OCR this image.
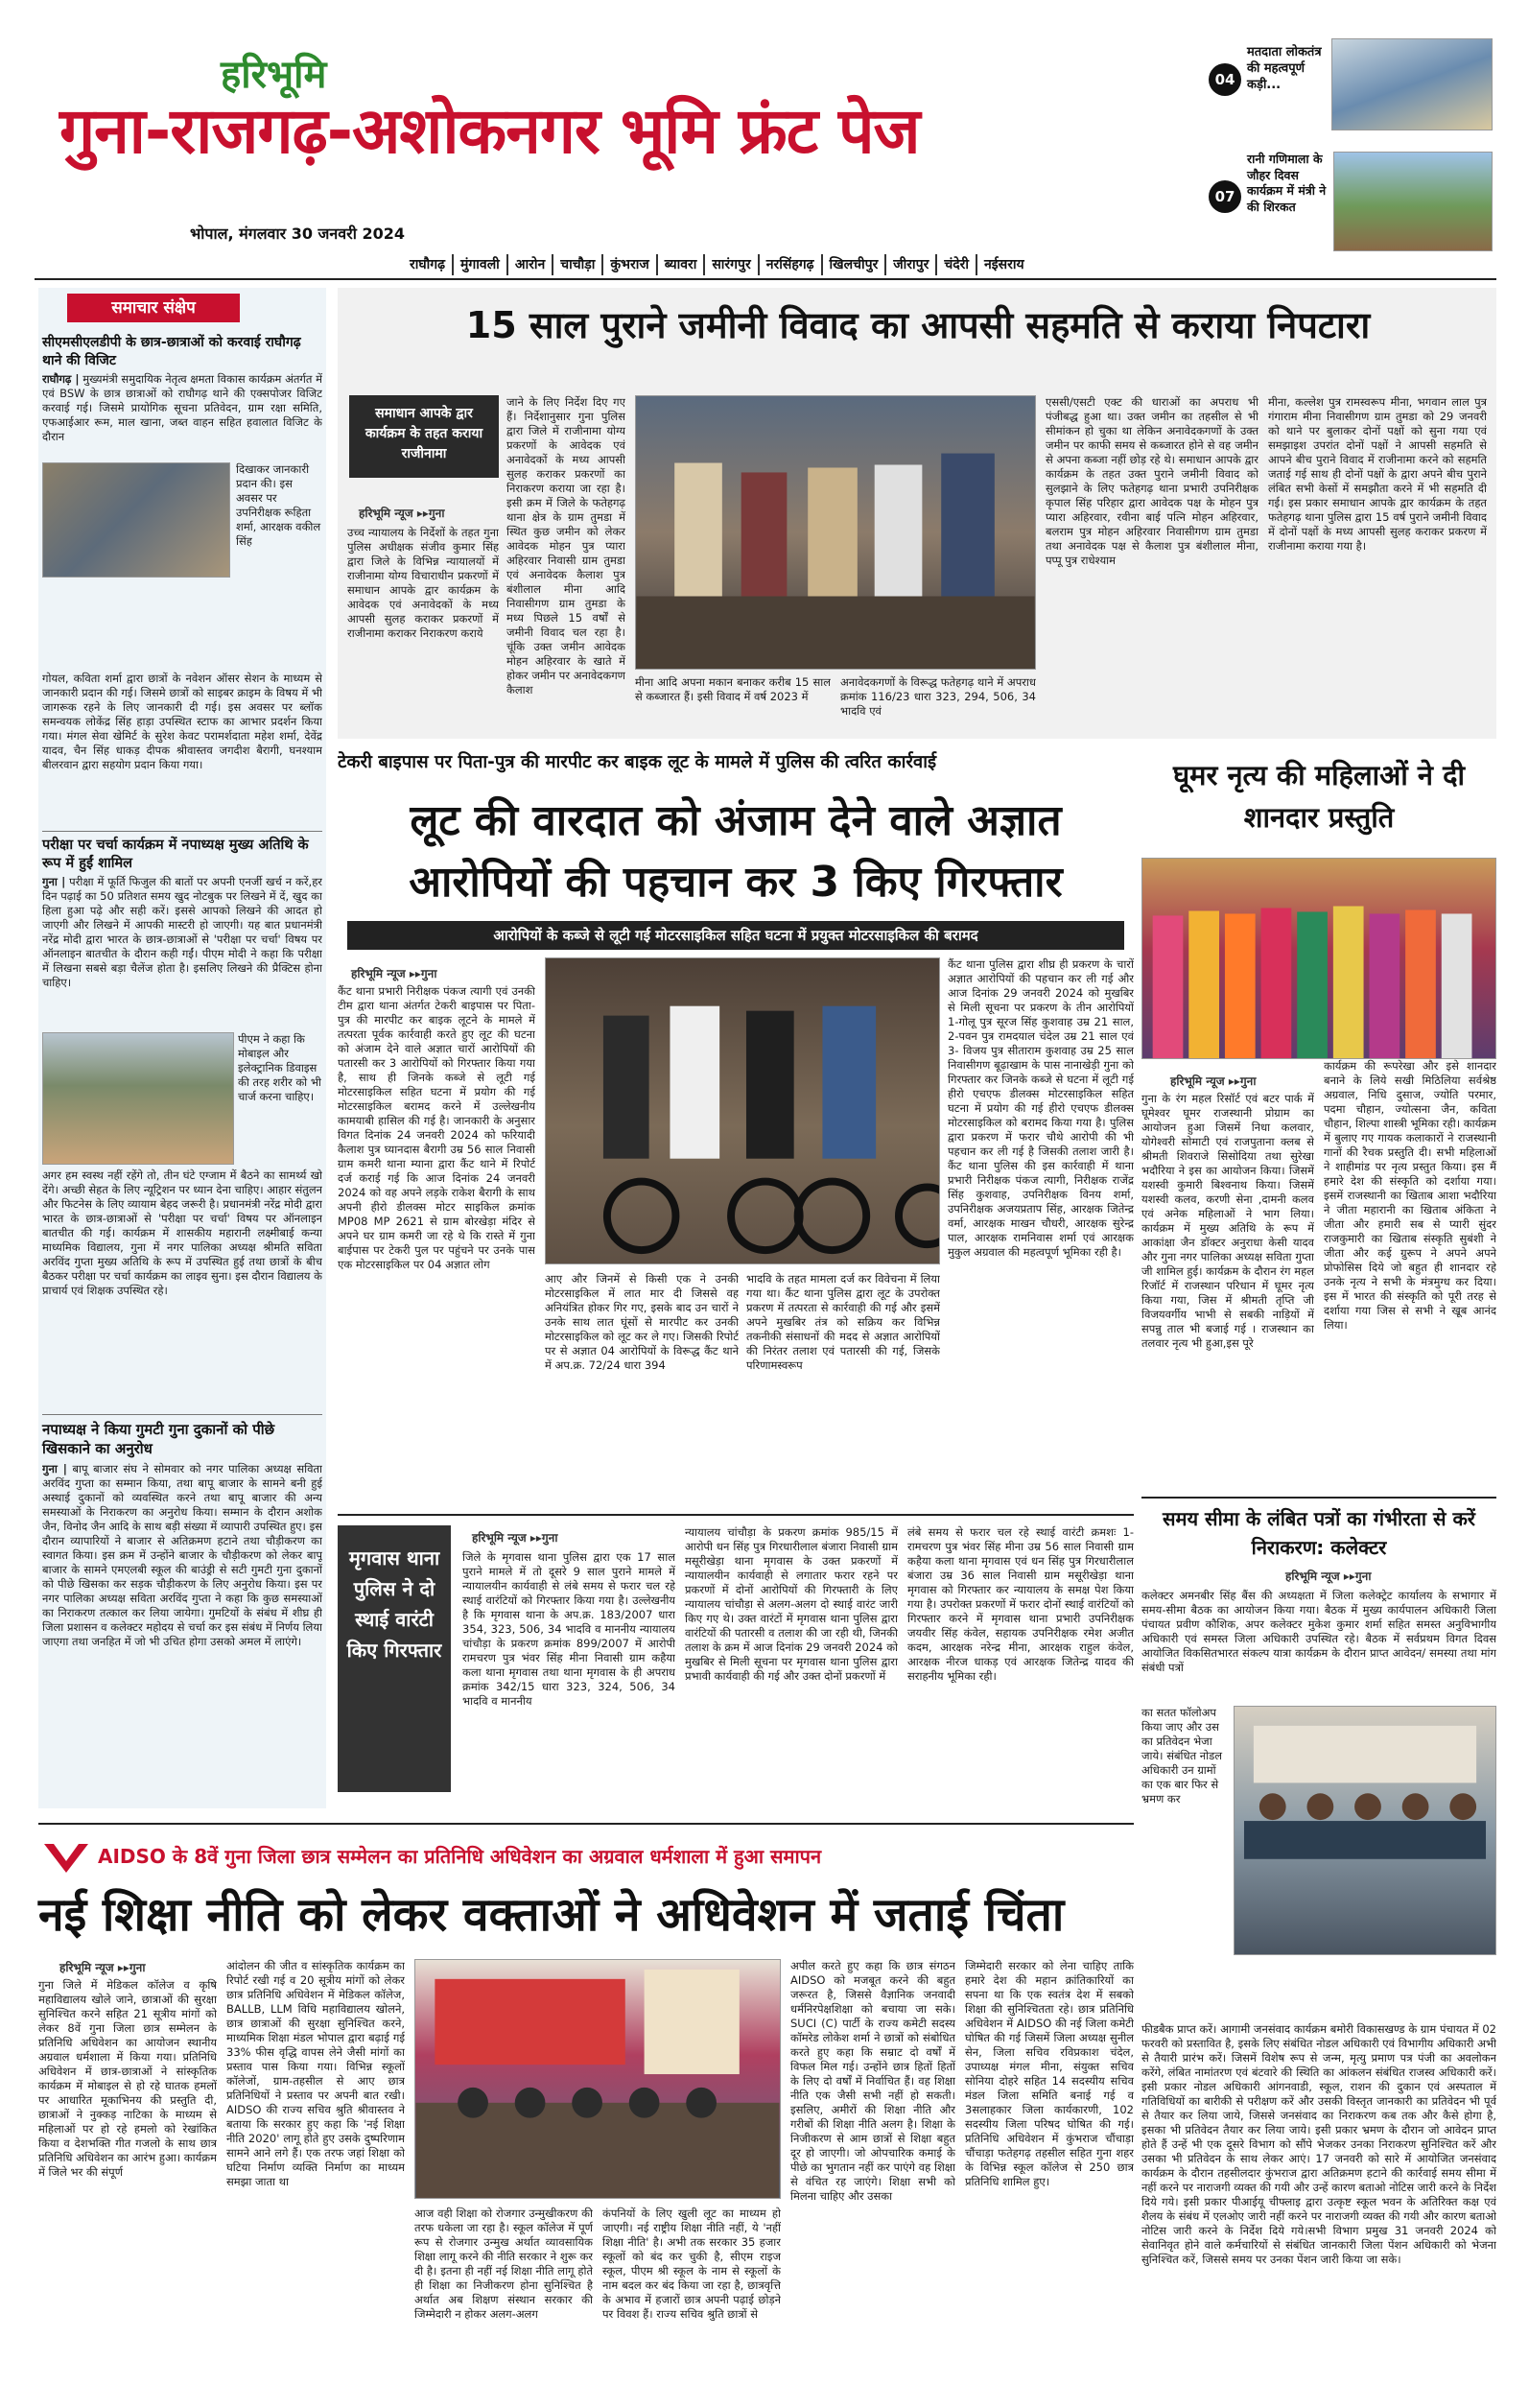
हरिभूमि
गुना-राजगढ़-अशोकनगर भूमि फ्रंट पेज
भोपाल, मंगलवार 30 जनवरी 2024
04
मतदाता लोकतंत्र की महत्वपूर्ण कड़ी...
07
रानी गणिमाला के जौहर दिवस कार्यक्रम में मंत्री ने की शिरकत
राघौगढ़ मुंगावली आरोन चाचौड़ा कुंभराज ब्यावरा सारंगपुर नरसिंहगढ़ खिलचीपुर जीरापुर चंदेरी नईसराय
समाचार संक्षेप
सीएमसीएलडीपी के छात्र-छात्राओं को करवाई राघौगढ़ थाने की विजिट
राघौगढ़ | मुख्यमंत्री समुदायिक नेतृत्व क्षमता विकास कार्यक्रम अंतर्गत में एवं BSW के छात्र छात्राओं को राघौगढ़ थाने की एक्सपोजर विजिट करवाई गई। जिसमे प्रायोगिक सूचना प्रतिवेदन, ग्राम रक्षा समिति, एफआईआर रूम, माल खाना, जब्त वाहन सहित हवालात विजिट के दौरान
दिखाकर जानकारी प्रदान की। इस अवसर पर उपनिरीक्षक रूहिता शर्मा, आरक्षक वकील सिंह
गोयल, कविता शर्मा द्वारा छात्रों के नवेशन ऑसर सेशन के माध्यम से जानकारी प्रदान की गई। जिसमे छात्रों को साइबर क्राइम के विषय में भी जागरूक रहने के लिए जानकारी दी गई। इस अवसर पर ब्लॉक समन्वयक लोकेंद्र सिंह हाड़ा उपस्थित स्टाफ का आभार प्रदर्शन किया गया। मंगल सेवा खेमिर्ट के सुरेश केवट परामर्शदाता महेश शर्मा, देवेंद्र यादव, चैन सिंह धाकड़ दीपक श्रीवास्तव जगदीश बैरागी, घनश्याम बीलरवान द्वारा सहयोग प्रदान किया गया।
परीक्षा पर चर्चा कार्यक्रम में नपाध्यक्ष मुख्य अतिथि के रूप में हुईं शामिल
गुना | परीक्षा में फूर्ति फिजुल की बातों पर अपनी एनर्जी खर्च न करें,हर दिन पढ़ाई का 50 प्रतिशत समय खुद नोटबुक पर लिखने में दें, खुद का हिला हुआ पढ़े और सही करें। इससे आपको लिखने की आदत हो जाएगी और लिखने में आपकी मास्टरी हो जाएगी। यह बात प्रधानमंत्री नरेंद्र मोदी द्वारा भारत के छात्र-छात्राओं से 'परीक्षा पर चर्चा' विषय पर ऑनलाइन बातचीत के दौरान कही गईं। पीएम मोदी ने कहा कि परीक्षा में लिखना सबसे बड़ा चैलेंज होता है। इसलिए लिखने की प्रैक्टिस होना चाहिए।
पीएम ने कहा कि मोबाइल और इलेक्ट्रानिक डिवाइस की तरह शरीर को भी चार्ज करना चाहिए।
अगर हम स्वस्थ नहीं रहेंगे तो, तीन घंटे एग्जाम में बैठने का सामर्थ्य खो देंगे। अच्छी सेहत के लिए न्यूट्रिशन पर ध्यान देना चाहिए। आहार संतुलन और फिटनेस के लिए व्यायाम बेहद जरूरी है। प्रधानमंत्री नरेंद्र मोदी द्वारा भारत के छात्र-छात्राओं से 'परीक्षा पर चर्चा' विषय पर ऑनलाइन बातचीत की गई। कार्यक्रम में शासकीय महारानी लक्ष्मीबाई कन्या माध्यमिक विद्यालय, गुना में नगर पालिका अध्यक्ष श्रीमति सविता अरविंद गुप्ता मुख्य अतिथि के रूप में उपस्थित हुई तथा छात्रों के बीच बैठकर परीक्षा पर चर्चा कार्यक्रम का लाइव सुना। इस दौरान विद्यालय के प्राचार्य एवं शिक्षक उपस्थित रहे।
नपाध्यक्ष ने किया गुमटी गुना दुकानों को पीछे खिसकाने का अनुरोध
गुना | बापू बाजार संघ ने सोमवार को नगर पालिका अध्यक्ष सविता अरविंद गुप्ता का सम्मान किया, तथा बापू बाजार के सामने बनी हुई अस्थाई दुकानों को व्यवस्थित करने तथा बापू बाजार की अन्य समस्याओं के निराकरण का अनुरोध किया। सम्मान के दौरान अशोक जैन, विनोद जैन आदि के साथ बड़ी संख्या में व्यापारी उपस्थित हुए। इस दौरान व्यापारियों ने बाजार से अतिक्रमण हटाने तथा चौड़ीकरण का स्वागत किया। इस क्रम में उन्होंने बाजार के चौड़ीकरण को लेकर बापू बाजार के सामने एमएलबी स्कूल की बाउंड्री से सटी गुमटी गुना दुकानों को पीछे खिसका कर सड़क चौड़ीकरण के लिए अनुरोध किया। इस पर नगर पालिका अध्यक्ष सविता अरविंद गुप्ता ने कहा कि कुछ समस्याओं का निराकरण तत्काल कर लिया जायेगा। गुमटियों के संबंध में शीघ्र ही जिला प्रशासन व कलेक्टर महोदय से चर्चा कर इस संबंध में निर्णय लिया जाएगा तथा जनहित में जो भी उचित होगा उसको अमल में लाएंगे।
15 साल पुराने जमीनी विवाद का आपसी सहमति से कराया निपटारा
समाधान आपके द्वार कार्यक्रम के तहत कराया राजीनामा
हरिभूमि न्यूज ▸▸गुना
उच्च न्यायालय के निर्देशों के तहत गुना पुलिस अधीक्षक संजीव कुमार सिंह द्वारा जिले के विभिन्न न्यायालयों में राजीनामा योग्य विचाराधीन प्रकरणों में समाधान आपके द्वार कार्यक्रम के आवेदक एवं अनावेदकों के मध्य आपसी सुलह कराकर प्रकरणों में राजीनामा कराकर निराकरण कराये
जाने के लिए निर्देश दिए गए हैं। निर्देशानुसार गुना पुलिस द्वारा जिले में राजीनामा योग्य प्रकरणों के आवेदक एवं अनावेदकों के मध्य आपसी सुलह कराकर प्रकरणों का निराकरण कराया जा रहा है। इसी क्रम में जिले के फतेहगढ़ थाना क्षेत्र के ग्राम तुमडा में स्थित कुछ जमीन को लेकर आवेदक मोहन पुत्र प्यारा अहिरवार निवासी ग्राम तुमडा एवं अनावेदक कैलाश पुत्र बंशीलाल मीना आदि निवासीगण ग्राम तुमडा के मध्य पिछले 15 वर्षों से जमीनी विवाद चल रहा है। चूंकि उक्त जमीन आवेदक मोहन अहिरवार के खाते में होकर जमीन पर अनावेदकगण कैलाश
मीना आदि अपना मकान बनाकर करीब 15 साल से कब्जारत हैं। इसी विवाद में वर्ष 2023 में
अनावेदकगणों के विरूद्ध फतेहगढ़ थाने में अपराध क्रमांक 116/23 धारा 323, 294, 506, 34 भादवि एवं
एससी/एसटी एक्ट की धाराओं का अपराध भी पंजीबद्ध हुआ था। उक्त जमीन का तहसील से भी सीमांकन हो चुका था लेकिन अनावेदकगणों के उक्त जमीन पर काफी समय से कब्जारत होने से वह जमीन से अपना कब्जा नहीं छोड़ रहे थे। समाधान आपके द्वार कार्यक्रम के तहत उक्त पुराने जमीनी विवाद को सुलझाने के लिए फतेहगढ़ थाना प्रभारी उपनिरीक्षक कृपाल सिंह परिहार द्वारा आवेदक पक्ष के मोहन पुत्र प्यारा अहिरवार, रवीना बाई पत्नि मोहन अहिरवार, बलराम पुत्र मोहन अहिरवार निवासीगण ग्राम तुमडा तथा अनावेदक पक्ष से कैलाश पुत्र बंशीलाल मीना, पप्पू पुत्र राधेश्याम
मीना, कल्लेश पुत्र रामस्वरूप मीना, भगवान लाल पुत्र गंगाराम मीना निवासीगण ग्राम तुमडा को 29 जनवरी को थाने पर बुलाकर दोनों पक्षों को सुना गया एवं समझाइश उपरांत दोनों पक्षों ने आपसी सहमति से आपने बीच पुराने विवाद में राजीनामा करने को सहमति जताई गई साथ ही दोनों पक्षों के द्वारा अपने बीच पुराने लंबित सभी केसों में समझौता करने में भी सहमति दी गई। इस प्रकार समाधान आपके द्वार कार्यक्रम के तहत फतेहगढ़ थाना पुलिस द्वारा 15 वर्ष पुराने जमीनी विवाद में दोनों पक्षों के मध्य आपसी सुलह कराकर प्रकरण में राजीनामा कराया गया है।
टेकरी बाइपास पर पिता-पुत्र की मारपीट कर बाइक लूट के मामले में पुलिस की त्वरित कार्रवाई
लूट की वारदात को अंजाम देने वाले अज्ञात
आरोपियों की पहचान कर 3 किए गिरफ्तार
आरोपियों के कब्जे से लूटी गई मोटरसाइकिल सहित घटना में प्रयुक्त मोटरसाइकिल की बरामद
हरिभूमि न्यूज ▸▸गुना
कैंट थाना प्रभारी निरीक्षक पंकज त्यागी एवं उनकी टीम द्वारा थाना अंतर्गत टेकरी बाइपास पर पिता-पुत्र की मारपीट कर बाइक लूटने के मामले में तत्परता पूर्वक कार्रवाही करते हुए लूट की घटना को अंजाम देने वाले अज्ञात चारों आरोपियों की पतारसी कर 3 आरोपियों को गिरफ्तार किया गया है, साथ ही जिनके कब्जे से लूटी गई मोटरसाइकिल सहित घटना में प्रयोग की गई मोटरसाइकिल बरामद करने में उल्लेखनीय कामयाबी हासिल की गई है। जानकारी के अनुसार विगत दिनांक 24 जनवरी 2024 को फरियादी कैलाश पुत्र घ्यानदास बैरागी उम्र 56 साल निवासी ग्राम कमरी थाना म्याना द्वारा कैंट थाने में रिपोर्ट दर्ज कराई गई कि आज दिनांक 24 जनवरी 2024 को वह अपने लड़के राकेश बैरागी के साथ अपनी हीरो डीलक्स मोटर साइकिल क्रमांक MP08 MP 2621 से ग्राम बोरखेड़ा मंदिर से अपने घर ग्राम कमरी जा रहे थे कि रास्ते में गुना बाईपास पर टेकरी पुल पर पहुंचने पर उनके पास एक मोटरसाइकिल पर 04 अज्ञात लोग
आए और जिनमें से किसी एक ने उनकी मोटरसाइकिल में लात मार दी जिससे वह अनियंत्रित होकर गिर गए, इसके बाद उन चारों ने उनके साथ लात घूंसों से मारपीट कर उनकी मोटरसाइकिल को लूट कर ले गए। जिसकी रिपोर्ट पर से अज्ञात 04 आरोपियों के विरूद्ध कैंट थाने में अप.क्र. 72/24 धारा 394
भादवि के तहत मामला दर्ज कर विवेचना में लिया गया था। कैंट थाना पुलिस द्वारा लूट के उपरोक्त प्रकरण में तत्परता से कार्रवाही की गई और इसमें अपने मुखबिर तंत्र को सक्रिय कर विभिन्न तकनीकी संसाधनों की मदद से अज्ञात आरोपियों की निरंतर तलाश एवं पतारसी की गई, जिसके परिणामस्वरूप
कैंट थाना पुलिस द्वारा शीघ्र ही प्रकरण के चारों अज्ञात आरोपियों की पहचान कर ली गई और आज दिनांक 29 जनवरी 2024 को मुखबिर से मिली सूचना पर प्रकरण के तीन आरोपियों 1-गोलू पुत्र सूरज सिंह कुशवाह उम्र 21 साल, 2-पवन पुत्र रामदयाल चंदेल उम्र 21 साल एवं 3- विजय पुत्र सीताराम कुशवाह उम्र 25 साल निवासीगण बूढ़ाखाम के पास नानाखेड़ी गुना को गिरफ्तार कर जिनके कब्जे से घटना में लूटी गई हीरो एचएफ डीलक्स मोटरसाइकिल सहित घटना में प्रयोग की गई हीरो एचएफ डीलक्स मोटरसाइकिल को बरामद किया गया है। पुलिस द्वारा प्रकरण में फरार चौथे आरोपी की भी पहचान कर ली गई है जिसकी तलाश जारी है। कैंट थाना पुलिस की इस कार्रवाही में थाना प्रभारी निरीक्षक पंकज त्यागी, निरीक्षक राजेंद्र सिंह कुशवाह, उपनिरीक्षक विनय शर्मा, उपनिरीक्षक अजयप्रताप सिंह, आरक्षक जितेन्द्र वर्मा, आरक्षक माखन चौधरी, आरक्षक सुरेन्द्र पाल, आरक्षक रामनिवास शर्मा एवं आरक्षक मुकुल अग्रवाल की महत्वपूर्ण भूमिका रही है।
घूमर नृत्य की महिलाओं ने दी शानदार प्रस्तुति
हरिभूमि न्यूज ▸▸गुना
गुना के रंग महल रिसॉर्ट एवं बटर पार्क में घूमेश्वर घूमर राजस्थानी प्रोग्राम का आयोजन हुआ जिसमें निधा कलवार, योगेश्वरी सोमाटी एवं राजपुताना क्लब से श्रीमती शिवराजे सिसोदिया तथा सुरेखा भदौरिया ने इस का आयोजन किया। जिसमें यशस्वी कुमारी बिश्वनाथ किया। जिसमें यशस्वी कलव, करणी सेना ,दामनी कलव एवं अनेक महिलाओं ने भाग लिया। कार्यक्रम में मुख्य अतिथि के रूप में आकांक्षा जैन डॉक्टर अनुराधा केसी यादव और गुना नगर पालिका अध्यक्ष सविता गुप्ता जी शामिल हुई। कार्यक्रम के दौरान रंग महल रिजॉर्ट में राजस्थान परिधान में घूमर नृत्य किया गया, जिस में श्रीमती तृप्ति जी विजयवर्गीय भाभी से सबकी नाड़ियों में सपन्नु ताल भी बजाई गई । राजस्थान का तलवार नृत्य भी हुआ,इस पूरे
कार्यक्रम की रूपरेखा और इसे शानदार बनाने के लिये सखी मिठिलिया सर्वश्रेष्ठ अग्रवाल, निधि दुसाज, ज्योति परमार, पदमा चौहान, ज्योत्सना जैन, कविता चौहान, शिल्पा शास्त्री भूमिका रही। कार्यक्रम में बुलाए गए गायक कलाकारों ने राजस्थानी गानों की रैचक प्रस्तुति दी। सभी महिलाओं ने शाहीमांड पर नृत्य प्रस्तुत किया। इस मैं हमारे देश की संस्कृति को दर्शाया गया। इसमें राजस्थानी का खिताब आशा भदौरिया ने जीता महारानी का खिताब अंकिता ने जीता और हमारी सब से प्यारी सुंदर राजकुमारी का खिताब संस्कृति सुबंशी ने जीता और कई ग्रुरूप ने अपने अपने प्रोफोसिस दिये जो बहुत ही शानदार रहे उनके नृत्य ने सभी के मंत्रमुग्ध कर दिया। इस में भारत की संस्कृति को पूरी तरह से दर्शाया गया जिस से सभी ने खूब आनंद लिया।
मृगवास थाना पुलिस ने दो स्थाई वारंटी किए गिरफ्तार
हरिभूमि न्यूज ▸▸गुना
जिले के मृगवास थाना पुलिस द्वारा एक 17 साल पुराने मामले में तो दूसरे 9 साल पुराने मामले में न्यायालयीन कार्यवाही से लंबे समय से फरार चल रहे स्थाई वारंटियों को गिरफ्तार किया गया है। उल्लेखनीय है कि मृगवास थाना के अप.क्र. 183/2007 धारा 354, 323, 506, 34 भादवि व माननीय न्यायालय चांचौड़ा के प्रकरण क्रमांक 899/2007 में आरोपी रामचरण पुत्र भंवर सिंह मीना निवासी ग्राम कहैया कला थाना मृगवास तथा थाना मृगवास के ही अपराध क्रमांक 342/15 धारा 323, 324, 506, 34 भादवि व माननीय
न्यायालय चांचौड़ा के प्रकरण क्रमांक 985/15 में आरोपी धन सिंह पुत्र गिरधारीलाल बंजारा निवासी ग्राम मसूरीखेड़ा थाना मृगवास के उक्त प्रकरणों में न्यायालयीन कार्यवाही से लगातार फरार रहने पर प्रकरणों में दोनों आरोपियों की गिरफ्तारी के लिए न्यायालय चांचौड़ा से अलग-अलग दो स्थाई वारंट जारी किए गए थे। उक्त वारंटों में मृगवास थाना पुलिस द्वारा वारंटियों की पतारसी व तलाश की जा रही थी, जिनकी तलाश के क्रम में आज दिनांक 29 जनवरी 2024 को मुखबिर से मिली सूचना पर मृगवास थाना पुलिस द्वारा प्रभावी कार्यवाही की गई और उक्त दोनों प्रकरणों में
लंबे समय से फरार चल रहे स्थाई वारंटी क्रमशः 1-रामचरण पुत्र भंवर सिंह मीना उम्र 56 साल निवासी ग्राम कहैया कला थाना मृगवास एवं धन सिंह पुत्र गिरधारीलाल बंजारा उम्र 36 साल निवासी ग्राम मसूरीखेड़ा थाना मृगवास को गिरफ्तार कर न्यायालय के समक्ष पेश किया गया है। उपरोक्त प्रकरणों में फरार दोनों स्थाई वारंटियों को गिरफ्तार करने में मृगवास थाना प्रभारी उपनिरीक्षक जयवीर सिंह कंवेल, सहायक उपनिरीक्षक रमेश अजीत कदम, आरक्षक नरेन्द्र मीना, आरक्षक राहुल कंवेल, आरक्षक नीरज धाकड़ एवं आरक्षक जितेन्द्र यादव की सराहनीय भूमिका रही।
समय सीमा के लंबित पत्रों का गंभीरता से करें निराकरण: कलेक्टर
हरिभूमि न्यूज ▸▸गुना
कलेक्टर अमनबीर सिंह बैंस की अध्यक्षता में जिला कलेक्ट्रेट कार्यालय के सभागार में समय-सीमा बैठक का आयोजन किया गया। बैठक में मुख्य कार्यपालन अधिकारी जिला पंचायत प्रवीण कौशिक, अपर कलेक्टर मुकेश कुमार शर्मा सहित समस्त अनुविभागीय अधिकारी एवं समस्त जिला अधिकारी उपस्थित रहे। बैठक में सर्वप्रथम विगत दिवस आयोजित विकसितभारत संकल्प यात्रा कार्यक्रम के दौरान प्राप्त आवेदन/ समस्या तथा मांग संबंधी पत्रों
का सतत फॉलोअप किया जाए और उस का प्रतिवेदन भेजा जाये। संबंधित नोडल अधिकारी उन ग्रामों का एक बार फिर से भ्रमण कर
फीडबैक प्राप्त करें। आगामी जनसंवाद कार्यक्रम बमोरी विकासखण्ड के ग्राम पंचायत में 02 फरवरी को प्रस्तावित है, इसके लिए संबंधित नोडल अधिकारी एवं विभागीय अधिकारी अभी से तैयारी प्रारंभ करें। जिसमें विशेष रूप से जन्म, मृत्यु प्रमाण पत्र पंजी का अवलोकन करेंगे, लंबित नामांतरण एवं बंटवारे की स्थिति का आंकलन संबंधित राजस्व अधिकारी करें। इसी प्रकार नोडल अधिकारी आंगनवाडी, स्कूल, राशन की दुकान एवं अस्पताल में गतिविधियों का बारीकी से परीक्षण करें और उसकी विस्तृत जानकारी का प्रतिवेदन भी पूर्व से तैयार कर लिया जाये, जिससे जनसंवाद का निराकरण कब तक और कैसे होगा है, इसका भी प्रतिवेदन तैयार कर लिया जाये। इसी प्रकार भ्रमण के दौरान जो आवेदन प्राप्त होते हैं उन्हें भी एक दूसरे विभाग को सौंपे भेजकर उनका निराकरण सुनिश्चित करें और उसका भी प्रतिवेदन के साथ लेकर आएं। 17 जनवरी को सारे में आयोजित जनसंवाद कार्यक्रम के दौरान तहसीलदार कुंभराज द्वारा अतिक्रमण हटाने की कार्रवाई समय सीमा में नहीं करने पर नाराजगी व्यक्त की गयी और उन्हें कारण बताओ नोटिस जारी करने के निर्देश दिये गये। इसी प्रकार पीआईयू चीफ्लाइ द्वारा उत्कृष्ट स्कूल भवन के अतिरिक्त कक्ष एवं शैलय के संबंध में एलओए जारी नहीं करने पर नाराजगी व्यक्त की गयी और कारण बताओ नोटिस जारी करने के निर्देश दिये गये।सभी विभाग प्रमुख 31 जनवरी 2024 को सेवानिवृत होने वाले कर्मचारियों से संबंधित जानकारी जिला पेंशन अधिकारी को भेजना सुनिश्चित करें, जिससे समय पर उनका पेंशन जारी किया जा सके।
AIDSO के 8वें गुना जिला छात्र सम्मेलन का प्रतिनिधि अधिवेशन का अग्रवाल धर्मशाला में हुआ समापन
नई शिक्षा नीति को लेकर वक्ताओं ने अधिवेशन में जताई चिंता
हरिभूमि न्यूज ▸▸गुना
गुना जिले में मेडिकल कॉलेज व कृषि महाविद्यालय खोले जाने, छात्राओं की सुरक्षा सुनिश्चित करने सहित 21 सूत्रीय मांगों को लेकर 8वें गुना जिला छात्र सम्मेलन के प्रतिनिधि अधिवेशन का आयोजन स्थानीय अग्रवाल धर्मशाला में किया गया। प्रतिनिधि अधिवेशन में छात्र-छात्राओं ने सांस्कृतिक कार्यक्रम में मोबाइल से हो रहे घातक हमलों पर आधारित मूकाभिनय की प्रस्तुति दी, छात्राओं ने नुक्कड़ नाटिका के माध्यम से महिलाओं पर हो रहे हमलो को रेखांकित किया व देशभक्ति गीत गजलो के साथ छात्र प्रतिनिधि अधिवेशन का आरंभ हुआ। कार्यक्रम में जिले भर की संपूर्ण
आंदोलन की जीत व सांस्कृतिक कार्यक्रम का रिपोर्ट रखी गई व 20 सूत्रीय मांगों को लेकर छात्र प्रतिनिधि अधिवेशन में मेडिकल कॉलेज, BALLB, LLM विधि महाविद्यालय खोलने, छात्र छात्राओं की सुरक्षा सुनिश्चित करने, माध्यमिक शिक्षा मंडल भोपाल द्वारा बढ़ाई गई 33% फीस वृद्धि वापस लेने जैसी मांगों का प्रस्ताव पास किया गया। विभिन्न स्कूलों कॉलेजों, ग्राम-तहसील से आए छात्र प्रतिनिधियों ने प्रस्ताव पर अपनी बात रखी। AIDSO की राज्य सचिव श्रुति श्रीवास्तव ने बताया कि सरकार हुए कहा कि 'नई शिक्षा नीति 2020' लागू होते हुए उसके दुष्परिणाम सामने आने लगे हैं। एक तरफ जहां शिक्षा को घटिया निर्माण व्यक्ति निर्माण का माध्यम समझा जाता था
आज वही शिक्षा को रोजगार उन्मुखीकरण की तरफ धकेला जा रहा है। स्कूल कॉलेज में पूर्ण रूप से रोजगार उन्मुख अर्थात व्यावसायिक शिक्षा लागू करने की नीति सरकार ने शुरू कर दी है। इतना ही नहीं नई शिक्षा नीति लागू होते ही शिक्षा का निजीकरण होना सुनिश्चित है अर्थात अब शिक्षण संस्थान सरकार की जिम्मेदारी न होकर अलग-अलग
कंपनियों के लिए खुली लूट का माध्यम हो जाएगी। नई राष्ट्रीय शिक्षा नीति नहीं, ये 'नहीं शिक्षा नीति' है। अभी तक सरकार 35 हजार स्कूलों को बंद कर चुकी है, सीएम राइज स्कूल, पीएम श्री स्कूल के नाम से स्कूलों के नाम बदल कर बंद किया जा रहा है, छात्रवृत्ति के अभाव में हजारों छात्र अपनी पढ़ाई छोड़ने पर विवश हैं। राज्य सचिव श्रुति छात्रों से
अपील करते हुए कहा कि छात्र संगठन AIDSO को मजबूत करने की बहुत जरूरत है, जिससे वैज्ञानिक जनवादी धर्मनिरपेक्षशिक्षा को बचाया जा सके। SUCI (C) पार्टी के राज्य कमेटी सदस्य कॉमरेड लोकेश शर्मा ने छात्रों को संबोधित करते हुए कहा कि सम्राट दो वर्षों में विफल मिल गई। उन्होंने छात्र हितों हितों के लिए दो वर्षों में निर्वाचित हैं। वह शिक्षा नीति एक जैसी सभी नहीं हो सकती। इसलिए, अमीरों की शिक्षा नीति और गरीबों की शिक्षा नीति अलग है। शिक्षा के निजीकरण से आम छात्रों से शिक्षा बहुत दूर हो जाएगी। जो ओपचारिक कमाई के पीछे का भुगतान नहीं कर पाएंगे वह शिक्षा से वंचित रह जाएंगे। शिक्षा सभी को मिलना चाहिए और उसका
जिम्मेदारी सरकार को लेना चाहिए ताकि हमारे देश की महान क्रांतिकारियों का सपना था कि एक स्वतंत्र देश में सबको शिक्षा की सुनिश्चितता रहे। छात्र प्रतिनिधि अधिवेशन में AIDSO की नई जिला कमेटी घोषित की गई जिसमें जिला अध्यक्ष सुनील सेन, जिला सचिव रविप्रकाश चंदेल, उपाध्यक्ष मंगल मीना, संयुक्त सचिव सोनिया दोहरे सहित 14 सदस्यीय सचिव मंडल जिला समिति बनाई गई व 3सलाहकार जिला कार्यकारणी, 102 सदस्यीय जिला परिषद घोषित की गई। प्रतिनिधि अधिवेशन में कुंभराज चौंचाड़ा चौंचाड़ा फतेहगढ़ तहसील सहित गुना शहर के विभिन्न स्कूल कॉलेज से 250 छात्र प्रतिनिधि शामिल हुए।
